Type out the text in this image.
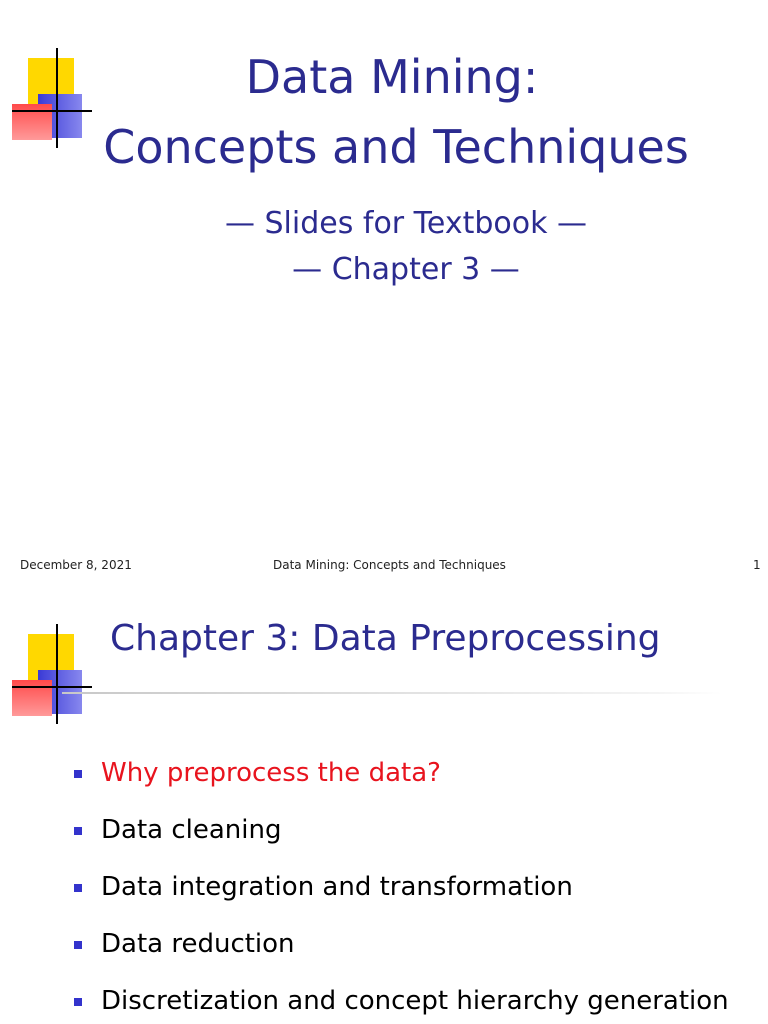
Data Mining:
Concepts and Techniques
— Slides for Textbook —
— Chapter 3 —
December 8, 2021	Data Mining: Concepts and Techniques	1
Chapter 3: Data Preprocessing
Why preprocess the data?
Data cleaning
Data integration and transformation
Data reduction
Discretization and concept hierarchy generation
